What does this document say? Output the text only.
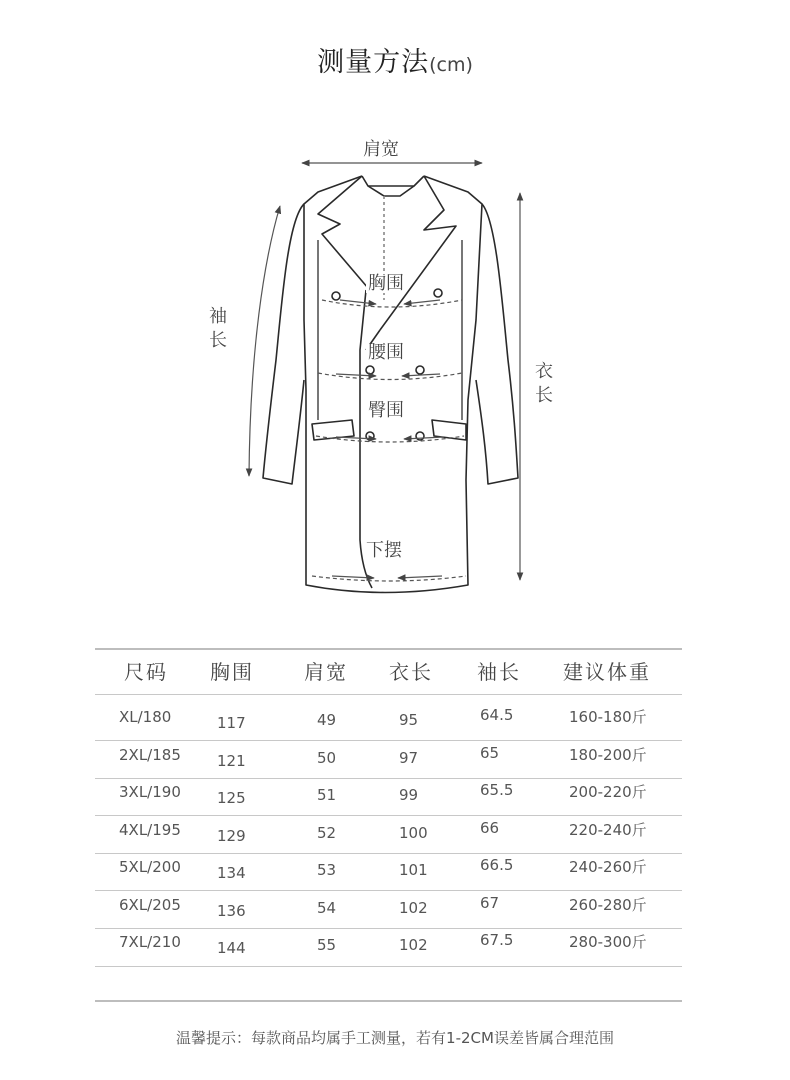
测量方法(cm)
肩宽
袖
长
衣
长
胸围
腰围
臀围
下摆
尺码 胸围	肩宽 衣长 袖长 建议体重
XL/180	117	49	95	64.5	160-180斤
2XL/185 121	50	97	65	180-200斤
3XL/190 125	51	99	65.5	200-220斤
4XL/195 129	52	100	66	220-240斤
5XL/200 134	53	101	66.5	240-260斤
6XL/205 136	54	102	67	260-280斤
7XL/210 144	55	102	67.5	280-300斤
温馨提示：每款商品均属手工测量，若有1-2CM误差皆属合理范围
